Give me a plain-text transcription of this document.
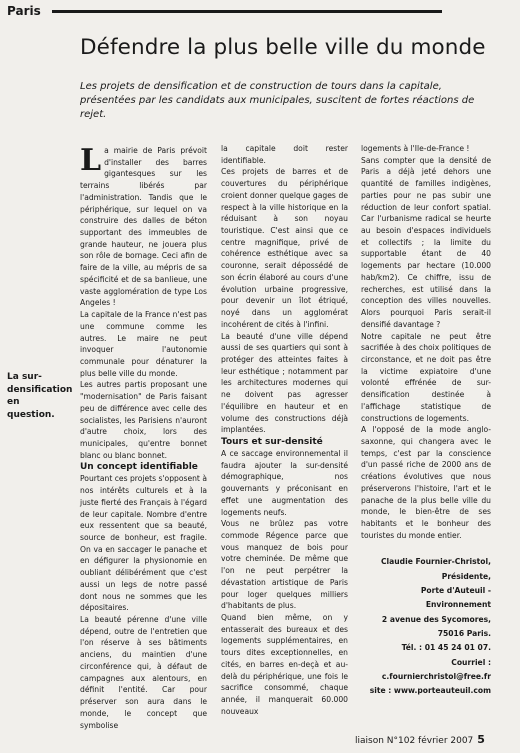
Paris
Défendre la plus belle ville du monde

Les projets de densification et de construction de tours dans la capitale, présentées par les candidats aux municipales, suscitent de fortes réactions de rejet.

La sur-densification en question.

La mairie de Paris prévoit d'installer des barres gigantesques sur les terrains libérés par l'administration. Tandis que le périphérique, sur lequel on va construire des dalles de béton supportant des immeubles de grande hauteur, ne jouera plus son rôle de bornage. Ceci afin de faire de la ville, au mépris de sa spécificité et de sa banlieue, une vaste agglomération de type Los Angeles !

La capitale de la France n'est pas une commune comme les autres. Le maire ne peut invoquer l'autonomie communale pour dénaturer la plus belle ville du monde.

Les autres partis proposant une "modernisation" de Paris faisant peu de différence avec celle des socialistes, les Parisiens n'auront d'autre choix, lors des municipales, qu'entre bonnet blanc ou blanc bonnet.

Un concept identifiable

Pourtant ces projets s'opposent à nos intérêts culturels et à la juste fierté des Français à l'égard de leur capitale. Nombre d'entre eux ressentent que sa beauté, source de bonheur, est fragile. On va en saccager le panache et en défigurer la physionomie en oubliant délibérément que c'est aussi un legs de notre passé dont nous ne sommes que les dépositaires.

La beauté pérenne d'une ville dépend, outre de l'entretien que l'on réserve à ses bâtiments anciens, du maintien d'une circonférence qui, à défaut de campagnes aux alentours, en définit l'entité. Car pour préserver son aura dans le monde, le concept que symbolise

la capitale doit rester identifiable.

Ces projets de barres et de couvertures du périphérique croient donner quelque gages de respect à la ville historique en la réduisant à son noyau touristique. C'est ainsi que ce centre magnifique, privé de cohérence esthétique avec sa couronne, serait dépossédé de son écrin élaboré au cours d'une évolution urbaine progressive, pour devenir un îlot étriqué, noyé dans un agglomérat incohérent de cités à l'infini.

La beauté d'une ville dépend aussi de ses quartiers qui sont à protéger des atteintes faites à leur esthétique ; notamment par les architectures modernes qui ne doivent pas agresser l'équilibre en hauteur et en volume des constructions déjà implantées.

Tours et sur-densité

A ce saccage environnemental il faudra ajouter la sur-densité démographique, nos gouvernants y préconisant en effet une augmentation des logements neufs.

Vous ne brûlez pas votre commode Régence parce que vous manquez de bois pour votre cheminée. De même que l'on ne peut perpétrer la dévastation artistique de Paris pour loger quelques milliers d'habitants de plus.

Quand bien même, on y entasserait des bureaux et des logements supplémentaires, en tours dites exceptionnelles, en cités, en barres en-deçà et au-delà du périphérique, une fois le sacrifice consommé, chaque année, il manquerait 60.000 nouveaux

logements à l'Ile-de-France !

Sans compter que la densité de Paris a déjà jeté dehors une quantité de familles indigènes, parties pour ne pas subir une réduction de leur confort spatial. Car l'urbanisme radical se heurte au besoin d'espaces individuels et collectifs ; la limite du supportable étant de 40 logements par hectare (10.000 hab/km2). Ce chiffre, issu de recherches, est utilisé dans la conception des villes nouvelles. Alors pourquoi Paris serait-il densifié davantage ?

Notre capitale ne peut être sacrifiée à des choix politiques de circonstance, et ne doit pas être la victime expiatoire d'une volonté effrénée de sur-densification destinée à l'affichage statistique de constructions de logements.

A l'opposé de la mode anglo-saxonne, qui changera avec le temps, c'est par la conscience d'un passé riche de 2000 ans de créations évolutives que nous préserverons l'histoire, l'art et le panache de la plus belle ville du monde, le bien-être de ses habitants et le bonheur des touristes du monde entier.

Claudie Fournier-Christol,
Présidente,
Porte d'Auteuil - Environnement
2 avenue des Sycomores,
75016 Paris.
Tél. : 01 45 24 01 07.
Courriel :
c.fournierchristol@free.fr
site : www.porteauteuil.com
liaison N°102 février 2007 5
